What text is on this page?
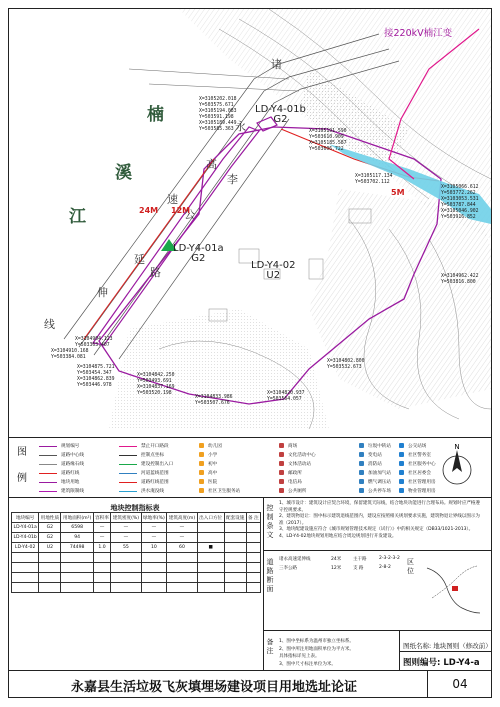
接220kV楠江变
楠
溪
江
诸
永
高
速
公
路
李
延
伸
线
24M 12M
5M
LD-Y4-01b
G2
LD-Y4-01a
G2
LD-Y4-02
U2
X=3105202.018
Y=503575.671
X=3105194.083
Y=503591.198
X=3105189.449
Y=503585.363	X=3105191.590
Y=503610.909
X=3105185.587
Y=503606.722
X=3105117.134
Y=503702.112
X=3105066.612
Y=503772.262
X=3103053.531
Y=503787.844
X=3105046.902
Y=503916.852
X=3104962.422
Y=503816.800
X=3104802.800
Y=503532.673
X=3104910.168
Y=503384.081
X=3104904.123
Y=503363.407
X=3104875.721
Y=503454.347
X=3104862.839
Y=503446.978
X=3104842.250
Y=503493.691
X=3104837.169
Y=503520.198
X=3104833.986
Y=503507.676
X=3104820.937
Y=503564.057
图 例
规划编号	禁止开口路段	幼儿园	商场	垃圾中转站	公交站场
道路中心线	控制点坐标	小学	文化活动中心	变电站	社区警务室
道路缘石线	建设控制出入口	初中	文体活动站	消防站	社区服务中心
道路红线	河道蓝线范围	高中	邮政所	加油加气站	社区居委会
地块用地	道路红线范围	医院	电信局	燃气调压站	社区管理用房
建筑限制线	洪水淹没线	社区卫生服务站	公共厕所	公共停车场	物业管理用房
N
地块控制指标表
地块编号	用地性质	用地面积(m²)	容积率	建筑密度(%)	绿地率(%)	建筑高度(m)	出入口方位	配套设施	备 注
LD-Y4-01a	G2	6598	—	—	—	—			
LD-Y4-01b	G2	94	—	—	—	—			
LD-Y4-02	U2	74498	1.0	55	10	60	■		

控制条文
1、城市设计：建筑设计应契合环境，保留建筑天际线，结合地块功能进行合理布局。规划时应严格遵守控规要求。
2、建筑物退让：图中标示建筑退线范围内，建设应按照相关规划要求实施，建筑物退让界线以图示为准（2017）。
3、地块配建设施应符合《城市规划管理技术规定（试行）》中的相关规定（DB33/1021-2013）。
4、LD-Y4-02地块规划用地应结合周边规划进行开发建设。
道路断面
诸永高速延伸线	24米	主干路	2-3-2-3-2
三李公路	12米	支 路	2-8-2
区位
备注
1、图中坐标系为温州市独立坐标系。
2、图中所注用地面积单位为平方米。
具体指标详见上表。
3、图中尺寸标注单位为米。
图纸名称: 地块图则（修改前）
图则编号: LD-Y4-a
永嘉县生活垃圾飞灰填埋场建设项目用地选址论证	04
